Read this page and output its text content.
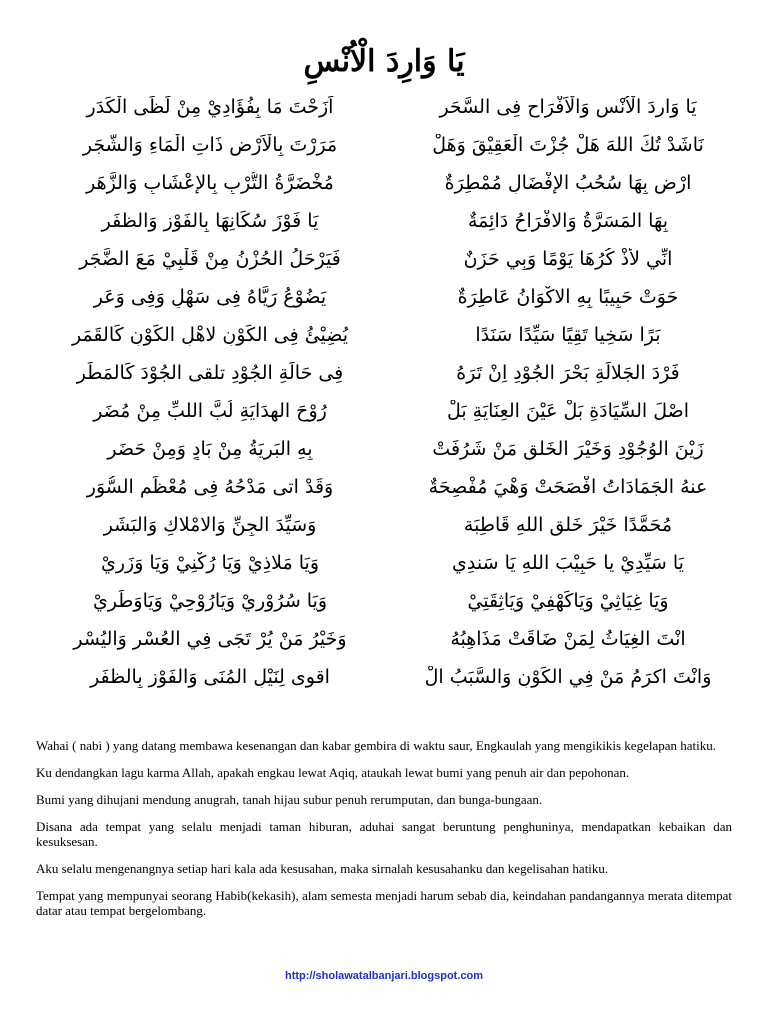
يَا وَارِدَ الْاُنْسِ
يَا وَارِدَ الْاُنْسِ وَالْاَفْرَاحِ فِى السَّحَرِ
اَزَحْتَ مَا بِفُؤَادِيْ مِنْ لَظَى الْكَدَرِ
نَاشَدْ تُكَ اللهَ هَلْ جُزْتَ الْعَقِيْقَ وَهَلْ
مَرَرْتَ بِالْاَرْضِ ذَاتِ الْمَاءِ وَالشَّجَرِ
ارْضٍ بِهَا سُحُبُ الإفْضَالِ مُمْطِرَةٌ
مُخْضَرَّةُ التُّرْبِ بِالإعْشَابِ وَالزَّهَرِ
بِهَا المَسَرَّةُ وَالافْرَاحُ دَائِمَةٌ
يَا فَوْزَ سُكَانِهَا بِالفَوْزِ وَالظفَرِ
انِّي لأذْ كُرُهَا يَوْمًا وَبِي حَزَنٌ
فَيَرْحَلُ الحُزْنُ مِنْ قَلْبِيْ مَعَ الضَّجَرِ
حَوَتْ حَبِيبًا بِهِ الاكْوَانُ عَاطِرَةٌ
يَضُوْعُ رَيَّاهُ فِى سَهْلٍ وَفِى وَعَرِ
بَرًا سَخِيا تَقِيًا سَيِّدًا سَنَدًا
يُضِيْئُ فِى الكَوْنِ لاهْلِ الكَوْنِ كَالقَمَرِ
فَرْدَ الجَلالَةِ بَحْرَ الجُوْدِ اِنْ تَرَهُ
فِى حَالَةِ الجُوْدِ تلقى الجُوْدَ كَالمَطَرِ
اصْلَ السِّيَادَةِ بَلْ عَيْنَ العِنَايَةِ بَلْ
رُوْحَ الهِدَايَةِ لُبَّ اللبِّ مِنْ مُضَرِ
زَيْنَ الوُجُوْدِ وَخَيْرَ الخَلقِ مَنْ شَرُفَتْ
بِهِ البَرِيَةُ مِنْ بَادٍ وَمِنْ حَضَرِ
عنهُ الجَمَادَاتُ افْصَحَتْ وَهْيَ مُفْصِحَةٌ
وَقَدْ اتى مَدْحُهُ فِى مُعْظَمِ السُّوَرِ
مُحَمَّدًا خَيْرَ خَلقِ اللهِ قَاطِبَة
وَسَيِّدَ الجِنِّ وَالامْلاكِ وَالبَشَرِ
يَا سَيِّدِيْ يا حَبِيْبَ اللهِ يَا سَندِي
وَيَا مَلاذِيْ وَيَا رُكْنِيْ وَيَا وَزَرِيْ
وَيَا غِيَاثِيْ وَيَاكَهْفِيْ وَيَاثِقَتِيْ
وَيَا سُرُوْرِيْ وَيَارُوْحِيْ وَيَاوَطَرِيْ
انْتَ الغِيَاثُ لِمَنْ ضَاقَتْ مَذَاهِبُهُ
وَخَيْرُ مَنْ يُرْ تَجَى فِي العُسْرِ وَاليُسْرِ
وَانْتَ اكرَمُ مَنْ فِي الكَوْنِ وَالسَّبَبُ الْ
اقوى لِنَيْلِ المُنَى وَالفَوْزِ بِالظفَرِ

Wahai ( nabi ) yang datang membawa kesenangan dan kabar gembira di waktu saur, Engkaulah yang mengikikis kegelapan hatiku.

Ku dendangkan lagu karma Allah, apakah engkau lewat Aqiq, ataukah lewat bumi yang penuh air dan pepohonan.

Bumi yang dihujani mendung anugrah, tanah hijau subur penuh rerumputan, dan bunga-bungaan.

Disana ada tempat yang selalu menjadi taman hiburan, aduhai sangat beruntung penghuninya, mendapatkan kebaikan dan kesuksesan.

Aku selalu mengenangnya setiap hari kala ada kesusahan, maka sirnalah kesusahanku dan kegelisahan hatiku.

Tempat yang mempunyai seorang Habib(kekasih), alam semesta menjadi harum sebab dia, keindahan pandangannya merata ditempat datar atau tempat bergelombang.

http://sholawatalbanjari.blogspot.com
